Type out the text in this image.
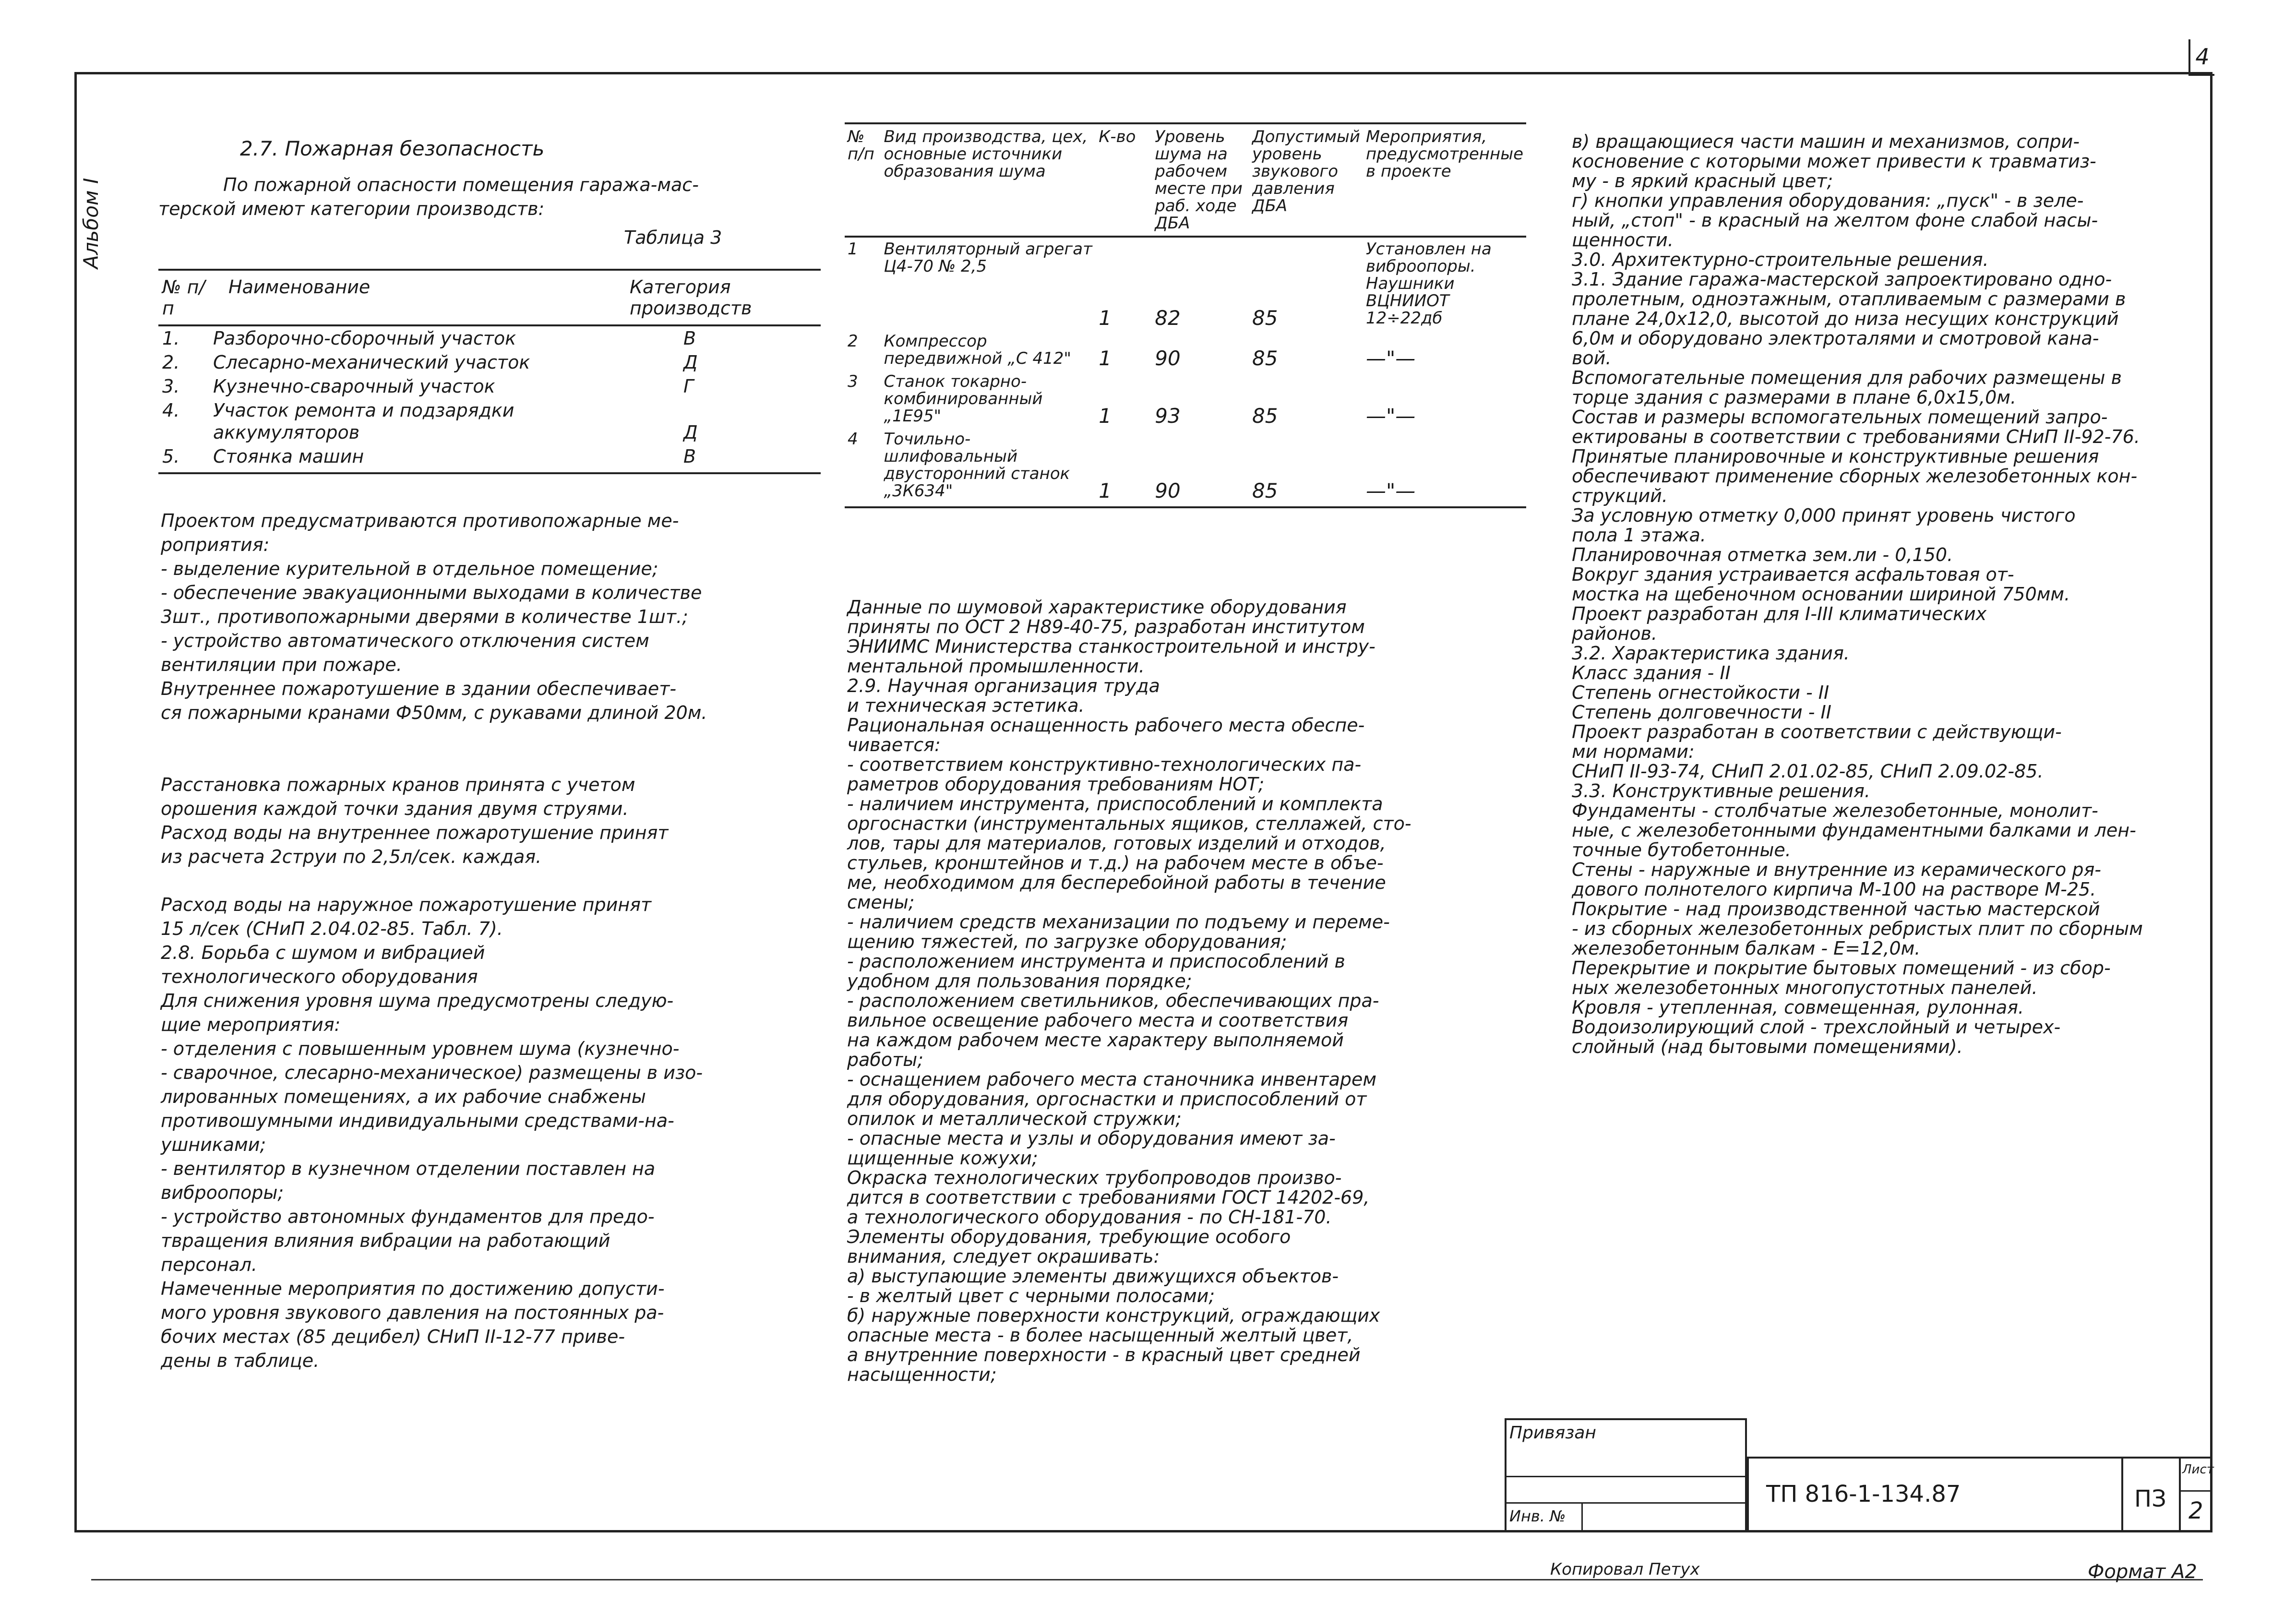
4
Альбом I
2.7. Пожарная безопасность

По пожарной опасности помещения гаража-мас-

терской имеют категории производств:

Таблица 3
№ п/п	Наименование	Категория производств
1.	Разборочно-сборочный участок	В
2.	Слесарно-механический участок	Д
3.	Кузнечно-сварочный участок	Г
4.	Участок ремонта и подзарядки аккумуляторов	Д
5.	Стоянка машин	В

Проектом предусматриваются противопожарные ме-

роприятия:

- выделение курительной в отдельное помещение;

- обеспечение эвакуационными выходами в количестве

3шт., противопожарными дверями в количестве 1шт.;

- устройство автоматического отключения систем

вентиляции при пожаре.

Внутреннее пожаротушение в здании обеспечивает-

ся пожарными кранами Ф50мм, с рукавами длиной 20м.

Расстановка пожарных кранов принята с учетом

орошения каждой точки здания двумя струями.

Расход воды на внутреннее пожаротушение принят

из расчета 2струи по 2,5л/сек. каждая.

Расход воды на наружное пожаротушение принят

15 л/сек (СНиП 2.04.02-85. Табл. 7).

2.8. Борьба с шумом и вибрацией

технологического оборудования

Для снижения уровня шума предусмотрены следую-

щие мероприятия:

- отделения с повышенным уровнем шума (кузнечно-

- сварочное, слесарно-механическое) размещены в изо-

лированных помещениях, а их рабочие снабжены

противошумными индивидуальными средствами-на-

ушниками;

- вентилятор в кузнечном отделении поставлен на

виброопоры;

- устройство автономных фундаментов для предо-

твращения влияния вибрации на работающий

персонал.

Намеченные мероприятия по достижению допусти-

мого уровня звукового давления на постоянных ра-

бочих местах (85 децибел) СНиП II-12-77 приве-

дены в таблице.

№ п/п	Вид производства, цех, основные источники образования шума	К-во	Уровень шума на рабочем месте при раб. ходе ДБА	Допустимый уровень звукового давления ДБА	Мероприятия, предусмотренные в проекте
1	Вентиляторный агрегат Ц4-70 № 2,5	1	82	85	Установлен на виброопоры. Наушники ВЦНИИОТ 12÷22дб
2	Компрессор передвижной „С 412"	1	90	85	—"—
3	Станок токарно-комбинированный „1Е95"	1	93	85	—"—
4	Точильно-шлифовальный двусторонний станок „3К634"	1	90	85	—"—

Данные по шумовой характеристике оборудования

приняты по ОСТ 2 Н89-40-75, разработан институтом

ЭНИИМС Министерства станкостроительной и инстру-

ментальной промышленности.

2.9. Научная организация труда

и техническая эстетика.

Рациональная оснащенность рабочего места обеспе-

чивается:

- соответствием конструктивно-технологических па-

раметров оборудования требованиям НОТ;

- наличием инструмента, приспособлений и комплекта

оргоснастки (инструментальных ящиков, стеллажей, сто-

лов, тары для материалов, готовых изделий и отходов,

стульев, кронштейнов и т.д.) на рабочем месте в объе-

ме, необходимом для бесперебойной работы в течение

смены;

- наличием средств механизации по подъему и переме-

щению тяжестей, по загрузке оборудования;

- расположением инструмента и приспособлений в

удобном для пользования порядке;

- расположением светильников, обеспечивающих пра-

вильное освещение рабочего места и соответствия

на каждом рабочем месте характеру выполняемой

работы;

- оснащением рабочего места станочника инвентарем

для оборудования, оргоснастки и приспособлений от

опилок и металлической стружки;

- опасные места и узлы и оборудования имеют за-

щищенные кожухи;

Окраска технологических трубопроводов произво-

дится в соответствии с требованиями ГОСТ 14202-69,

а технологического оборудования - по СН-181-70.

Элементы оборудования, требующие особого

внимания, следует окрашивать:

а) выступающие элементы движущихся объектов-

- в желтый цвет с черными полосами;

б) наружные поверхности конструкций, ограждающих

опасные места - в более насыщенный желтый цвет,

а внутренние поверхности - в красный цвет средней

насыщенности;

в) вращающиеся части машин и механизмов, сопри-

косновение с которыми может привести к травматиз-

му - в яркий красный цвет;

г) кнопки управления оборудования: „пуск" - в зеле-

ный, „стоп" - в красный на желтом фоне слабой насы-

щенности.

3.0. Архитектурно-строительные решения.

3.1. Здание гаража-мастерской запроектировано одно-

пролетным, одноэтажным, отапливаемым с размерами в

плане 24,0х12,0, высотой до низа несущих конструкций

6,0м и оборудовано электроталями и смотровой кана-

вой.

Вспомогательные помещения для рабочих размещены в

торце здания с размерами в плане 6,0х15,0м.

Состав и размеры вспомогательных помещений запро-

ектированы в соответствии с требованиями СНиП II-92-76.

Принятые планировочные и конструктивные решения

обеспечивают применение сборных железобетонных кон-

струкций.

За условную отметку 0,000 принят уровень чистого

пола 1 этажа.

Планировочная отметка зем.ли - 0,150.

Вокруг здания устраивается асфальтовая от-

мостка на щебеночном основании шириной 750мм.

Проект разработан для I-III климатических

районов.

3.2. Характеристика здания.

Класс здания - II

Степень огнестойкости - II

Степень долговечности - II

Проект разработан в соответствии с действующи-

ми нормами:

СНиП II-93-74, СНиП 2.01.02-85, СНиП 2.09.02-85.

3.3. Конструктивные решения.

Фундаменты - столбчатые железобетонные, монолит-

ные, с железобетонными фундаментными балками и лен-

точные бутобетонные.

Стены - наружные и внутренние из керамического ря-

дового полнотелого кирпича М-100 на растворе М-25.

Покрытие - над производственной частью мастерской

- из сборных железобетонных ребристых плит по сборным

железобетонным балкам - Е=12,0м.

Перекрытие и покрытие бытовых помещений - из сбор-

ных железобетонных многопустотных панелей.

Кровля - утепленная, совмещенная, рулонная.

Водоизолирующий слой - трехслойный и четырех-

слойный (над бытовыми помещениями).

Привязан
Инв. №
ТП 816-1-134.87	ПЗ
Лист
2
Копировал Петух	Формат А2
